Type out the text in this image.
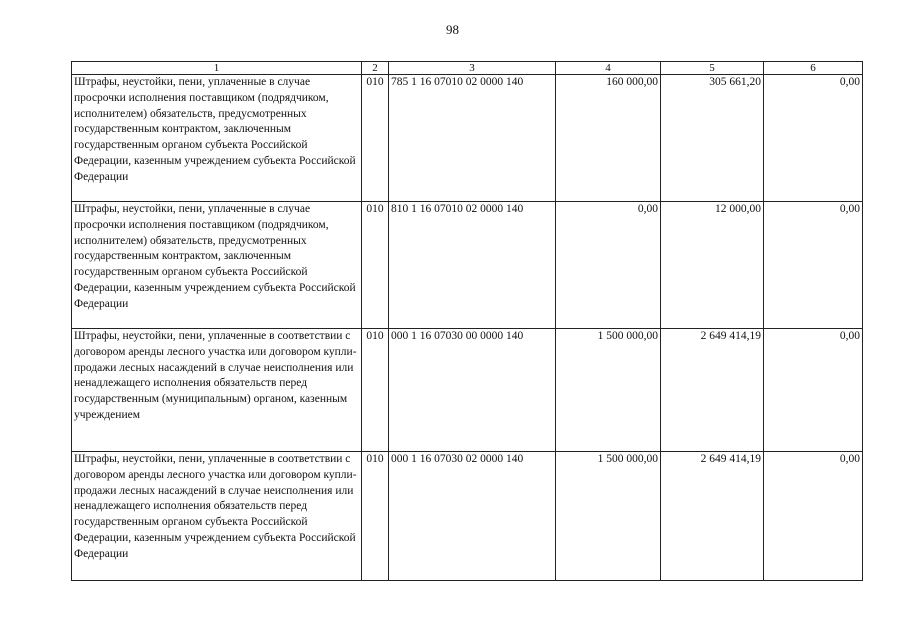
98
1	2	3	4	5	6
Штрафы, неустойки, пени, уплаченные в случае просрочки исполнения поставщиком (подрядчиком, исполнителем) обязательств, предусмотренных государственным контрактом, заключенным государственным органом субъекта Российской Федерации, казенным учреждением субъекта Российской Федерации	010	785 1 16 07010 02 0000 140	160 000,00	305 661,20	0,00
Штрафы, неустойки, пени, уплаченные в случае просрочки исполнения поставщиком (подрядчиком, исполнителем) обязательств, предусмотренных государственным контрактом, заключенным государственным органом субъекта Российской Федерации, казенным учреждением субъекта Российской Федерации	010	810 1 16 07010 02 0000 140	0,00	12 000,00	0,00
Штрафы, неустойки, пени, уплаченные в соответствии с договором аренды лесного участка или договором купли-продажи лесных насаждений в случае неисполнения или ненадлежащего исполнения обязательств перед государственным (муниципальным) органом, казенным учреждением	010	000 1 16 07030 00 0000 140	1 500 000,00	2 649 414,19	0,00
Штрафы, неустойки, пени, уплаченные в соответствии с договором аренды лесного участка или договором купли-продажи лесных насаждений в случае неисполнения или ненадлежащего исполнения обязательств перед государственным органом субъекта Российской Федерации, казенным учреждением субъекта Российской Федерации	010	000 1 16 07030 02 0000 140	1 500 000,00	2 649 414,19	0,00
